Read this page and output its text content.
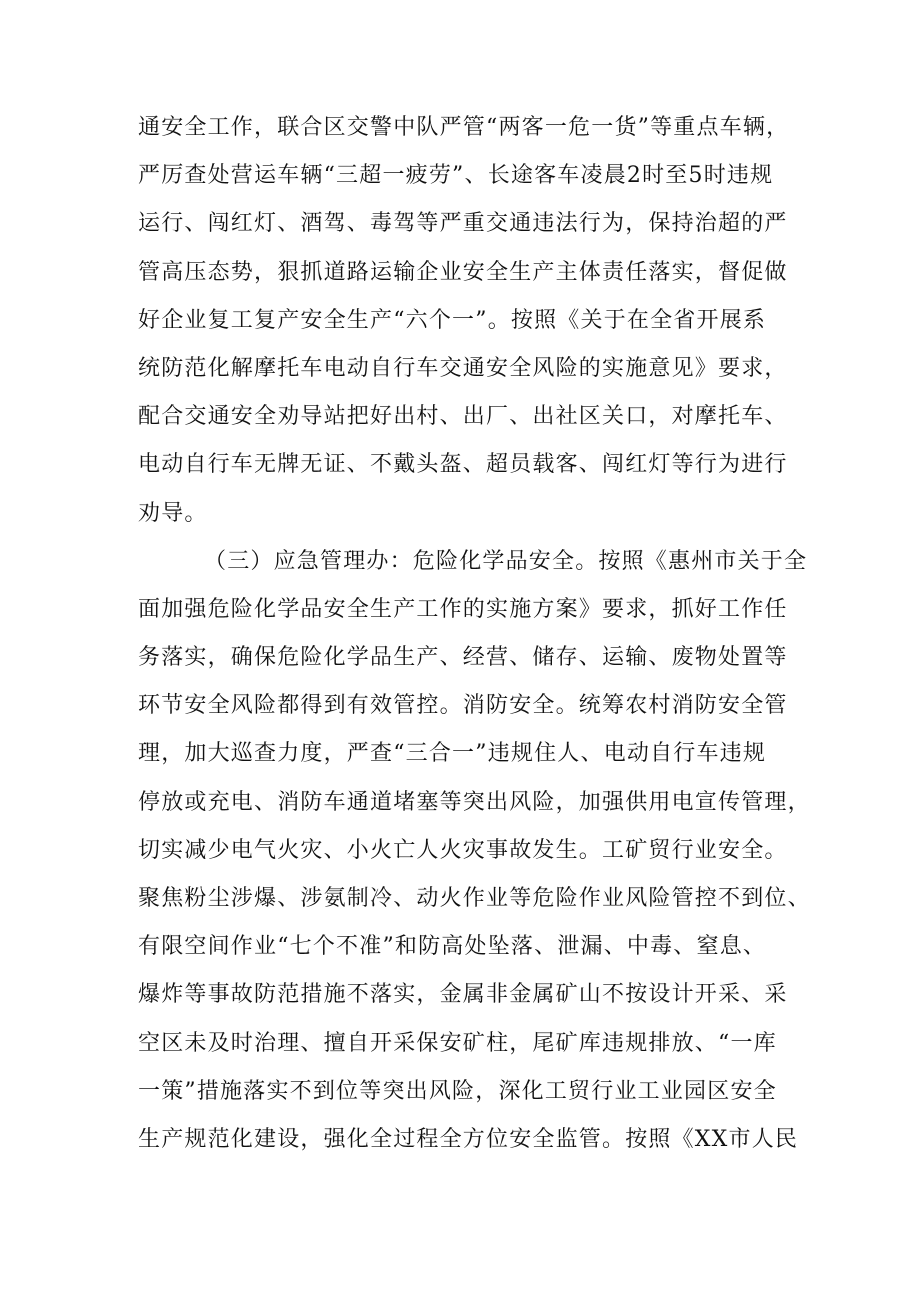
通安全工作，联合区交警中队严管“两客一危一货”等重点车辆，
严厉查处营运车辆“三超一疲劳”、长途客车凌晨2时至5时违规
运行、闯红灯、酒驾、毒驾等严重交通违法行为，保持治超的严
管高压态势，狠抓道路运输企业安全生产主体责任落实，督促做
好企业复工复产安全生产“六个一”。按照《关于在全省开展系
统防范化解摩托车电动自行车交通安全风险的实施意见》要求，
配合交通安全劝导站把好出村、出厂、出社区关口，对摩托车、
电动自行车无牌无证、不戴头盔、超员载客、闯红灯等行为进行
劝导。
（三）应急管理办：危险化学品安全。按照《惠州市关于全
面加强危险化学品安全生产工作的实施方案》要求，抓好工作任
务落实，确保危险化学品生产、经营、储存、运输、废物处置等
环节安全风险都得到有效管控。消防安全。统筹农村消防安全管
理，加大巡查力度，严查“三合一”违规住人、电动自行车违规
停放或充电、消防车通道堵塞等突出风险，加强供用电宣传管理，
切实减少电气火灾、小火亡人火灾事故发生。工矿贸行业安全。
聚焦粉尘涉爆、涉氨制冷、动火作业等危险作业风险管控不到位、
有限空间作业“七个不准”和防高处坠落、泄漏、中毒、窒息、
爆炸等事故防范措施不落实，金属非金属矿山不按设计开采、采
空区未及时治理、擅自开采保安矿柱，尾矿库违规排放、“一库
一策”措施落实不到位等突出风险，深化工贸行业工业园区安全
生产规范化建设，强化全过程全方位安全监管。按照《XX市人民
